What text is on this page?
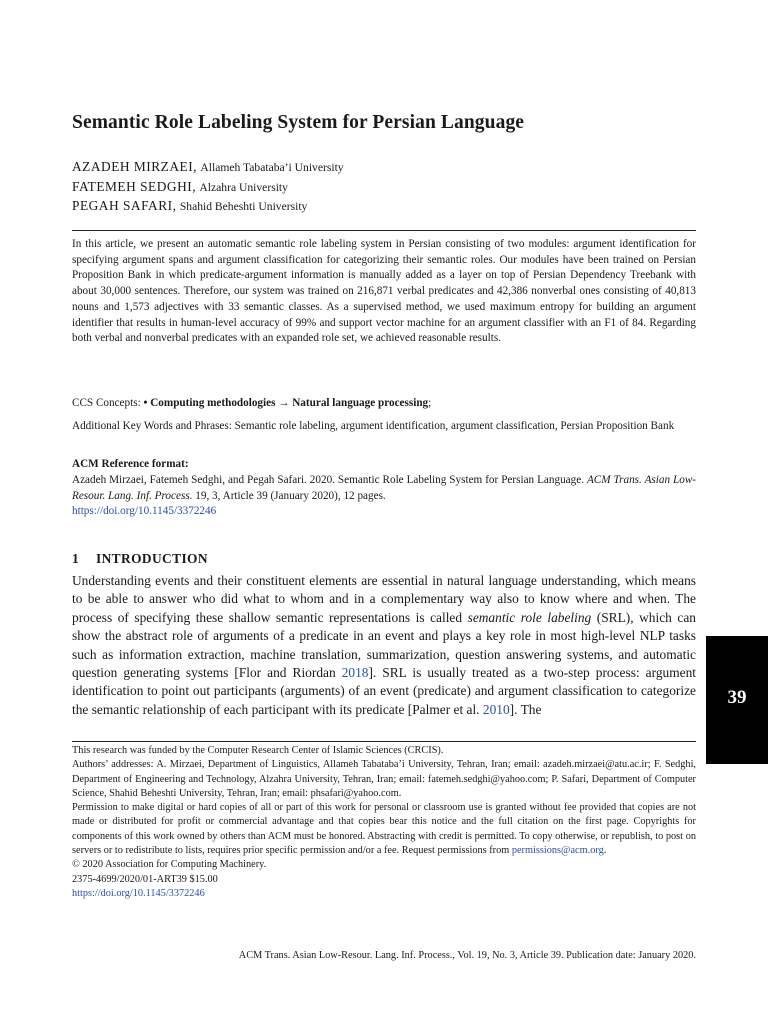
Semantic Role Labeling System for Persian Language
AZADEH MIRZAEI, Allameh Tabataba’i University
FATEMEH SEDGHI, Alzahra University
PEGAH SAFARI, Shahid Beheshti University

In this article, we present an automatic semantic role labeling system in Persian consisting of two modules: argument identification for specifying argument spans and argument classification for categorizing their semantic roles. Our modules have been trained on Persian Proposition Bank in which predicate-argument information is manually added as a layer on top of Persian Dependency Treebank with about 30,000 sentences. Therefore, our system was trained on 216,871 verbal predicates and 42,386 nonverbal ones consisting of 40,813 nouns and 1,573 adjectives with 33 semantic classes. As a supervised method, we used maximum entropy for building an argument identifier that results in human-level accuracy of 99% and support vector machine for an argument classifier with an F1 of 84. Regarding both verbal and nonverbal predicates with an expanded role set, we achieved reasonable results.

CCS Concepts: • Computing methodologies → Natural language processing;

Additional Key Words and Phrases: Semantic role labeling, argument identification, argument classification, Persian Proposition Bank

ACM Reference format:

Azadeh Mirzaei, Fatemeh Sedghi, and Pegah Safari. 2020. Semantic Role Labeling System for Persian Language. ACM Trans. Asian Low-Resour. Lang. Inf. Process. 19, 3, Article 39 (January 2020), 12 pages.
https://doi.org/10.1145/3372246

1 INTRODUCTION

Understanding events and their constituent elements are essential in natural language understanding, which means to be able to answer who did what to whom and in a complementary way also to know where and when. The process of specifying these shallow semantic representations is called semantic role labeling (SRL), which can show the abstract role of arguments of a predicate in an event and plays a key role in most high-level NLP tasks such as information extraction, machine translation, summarization, question answering systems, and automatic question generating systems [Flor and Riordan 2018]. SRL is usually treated as a two-step process: argument identification to point out participants (arguments) of an event (predicate) and argument classification to categorize the semantic relationship of each participant with its predicate [Palmer et al. 2010]. The

39

This research was funded by the Computer Research Center of Islamic Sciences (CRCIS).

Authors’ addresses: A. Mirzaei, Department of Linguistics, Allameh Tabataba’i University, Tehran, Iran; email: azadeh.mirzaei@atu.ac.ir; F. Sedghi, Department of Engineering and Technology, Alzahra University, Tehran, Iran; email: fatemeh.sedghi@yahoo.com; P. Safari, Department of Computer Science, Shahid Beheshti University, Tehran, Iran; email: phsafari@yahoo.com.

Permission to make digital or hard copies of all or part of this work for personal or classroom use is granted without fee provided that copies are not made or distributed for profit or commercial advantage and that copies bear this notice and the full citation on the first page. Copyrights for components of this work owned by others than ACM must be honored. Abstracting with credit is permitted. To copy otherwise, or republish, to post on servers or to redistribute to lists, requires prior specific permission and/or a fee. Request permissions from permissions@acm.org.

© 2020 Association for Computing Machinery.

2375-4699/2020/01-ART39 $15.00

https://doi.org/10.1145/3372246

ACM Trans. Asian Low-Resour. Lang. Inf. Process., Vol. 19, No. 3, Article 39. Publication date: January 2020.
